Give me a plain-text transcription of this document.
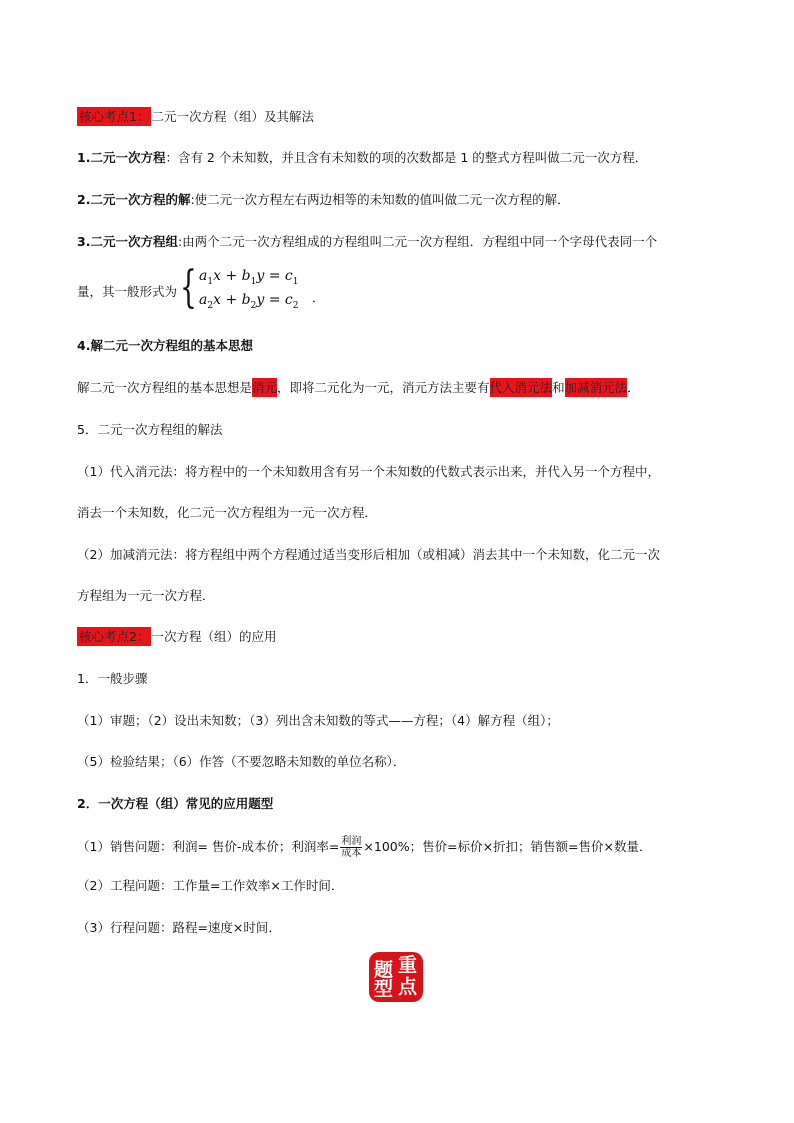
核心考点1： 二元一次方程（组）及其解法
1.二元一次方程：含有 2 个未知数，并且含有未知数的项的次数都是 1 的整式方程叫做二元一次方程．
2.二元一次方程的解:使二元一次方程左右两边相等的未知数的值叫做二元一次方程的解．
3.二元一次方程组:由两个二元一次方程组成的方程组叫二元一次方程组．方程组中同一个字母代表同一个
量，其一般形式为 { $a_1x + b_1y = c_1$
$a_2x + b_2y = c_2$
．
4.解二元一次方程组的基本思想
解二元一次方程组的基本思想是消元，即将二元化为一元，消元方法主要有代入消元法和加减消元法．
5．二元一次方程组的解法
（1）代入消元法：将方程中的一个未知数用含有另一个未知数的代数式表示出来，并代入另一个方程中，
消去一个未知数，化二元一次方程组为一元一次方程．
（2）加减消元法：将方程组中两个方程通过适当变形后相加（或相减）消去其中一个未知数，化二元一次
方程组为一元一次方程．
核心考点2： 一次方程（组）的应用
1．一般步骤
（1）审题；（2）设出未知数；（3）列出含未知数的等式——方程；（4）解方程（组）；
（5）检验结果；（6）作答（不要忽略未知数的单位名称）．
2．一次方程（组）常见的应用题型
（1）销售问题：利润= 售价-成本价；利润率= $\frac{\text{利润}}{\text{成本}} \times 100\%$；售价=标价×折扣；销售额=售价×数量．
（2）工程问题：工作量=工作效率×工作时间．
（3）行程问题：路程=速度×时间．
重
点
题
型
